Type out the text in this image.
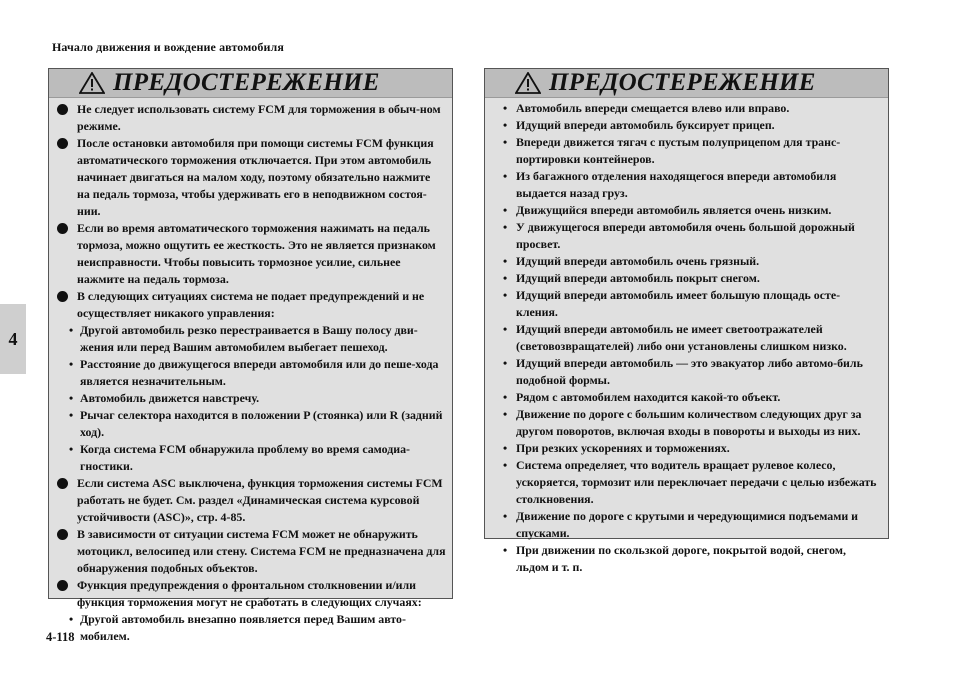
Начало движения и вождение автомобиля
4
ПРЕДОСТЕРЕЖЕНИЕ
Не следует использовать систему FCM для торможения в обыч-ном режиме.
После остановки автомобиля при помощи системы FCM функция автоматического торможения отключается. При этом автомобиль начинает двигаться на малом ходу, поэтому обязательно нажмите на педаль тормоза, чтобы удерживать его в неподвижном состоя-нии.
Если во время автоматического торможения нажимать на педаль тормоза, можно ощутить ее жесткость. Это не является признаком неисправности. Чтобы повысить тормозное усилие, сильнее нажмите на педаль тормоза.
В следующих ситуациях система не подает предупреждений и не осуществляет никакого управления:
• Другой автомобиль резко перестраивается в Вашу полосу дви-жения или перед Вашим автомобилем выбегает пешеход.
• Расстояние до движущегося впереди автомобиля или до пеше-хода является незначительным.
• Автомобиль движется навстречу.
• Рычаг селектора находится в положении P (стоянка) или R (задний ход).
• Когда система FCM обнаружила проблему во время самодиа-гностики.
Если система ASC выключена, функция торможения системы FCM работать не будет. См. раздел «Динамическая система курсовой устойчивости (ASC)», стр. 4-85.
В зависимости от ситуации система FCM может не обнаружить мотоцикл, велосипед или стену. Система FCM не предназначена для обнаружения подобных объектов.
Функция предупреждения о фронтальном столкновении и/или функция торможения могут не сработать в следующих случаях:
• Другой автомобиль внезапно появляется перед Вашим авто-мобилем.
ПРЕДОСТЕРЕЖЕНИЕ
• Автомобиль впереди смещается влево или вправо.
• Идущий впереди автомобиль буксирует прицеп.
• Впереди движется тягач с пустым полуприцепом для транс-портировки контейнеров.
• Из багажного отделения находящегося впереди автомобиля выдается назад груз.
• Движущийся впереди автомобиль является очень низким.
• У движущегося впереди автомобиля очень большой дорожный просвет.
• Идущий впереди автомобиль очень грязный.
• Идущий впереди автомобиль покрыт снегом.
• Идущий впереди автомобиль имеет большую площадь осте-кления.
• Идущий впереди автомобиль не имеет светоотражателей (световозвращателей) либо они установлены слишком низко.
• Идущий впереди автомобиль — это эвакуатор либо автомо-биль подобной формы.
• Рядом с автомобилем находится какой-то объект.
• Движение по дороге с большим количеством следующих друг за другом поворотов, включая входы в повороты и выходы из них.
• При резких ускорениях и торможениях.
• Система определяет, что водитель вращает рулевое колесо, ускоряется, тормозит или переключает передачи с целью избежать столкновения.
• Движение по дороге с крутыми и чередующимися подъемами и спусками.
• При движении по скользкой дороге, покрытой водой, снегом, льдом и т. п.
4-118
